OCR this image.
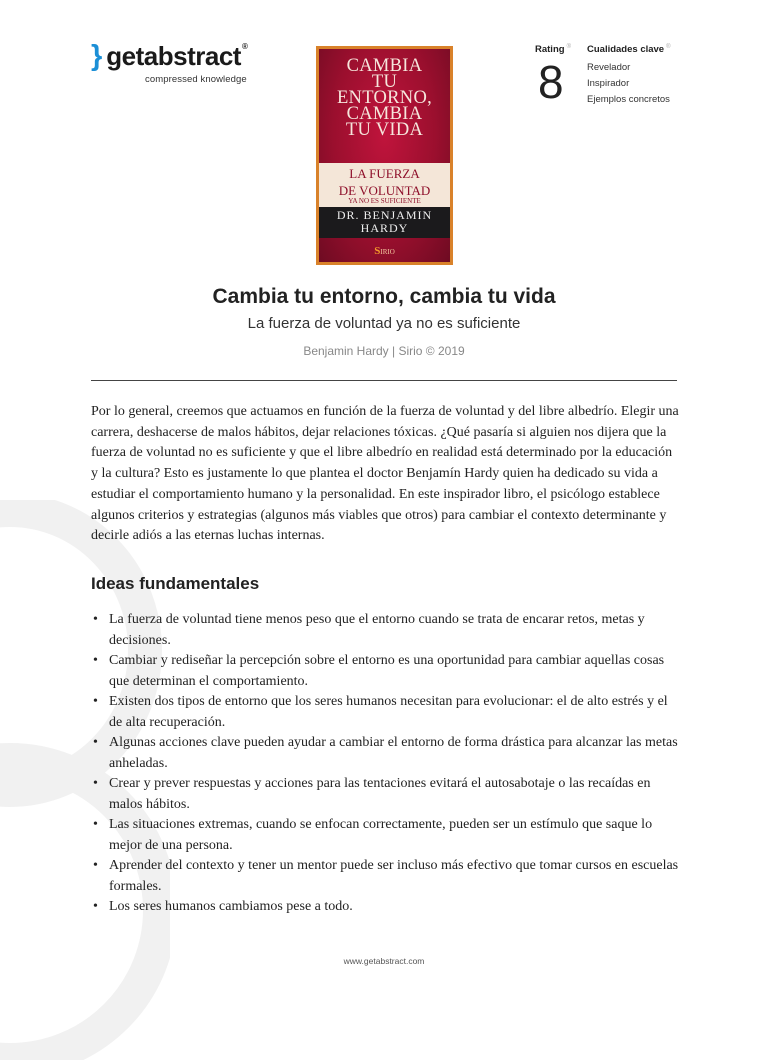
} getabstract®
compressed knowledge
CAMBIA
TU
ENTORNO,
CAMBIA
TU VIDA
LA FUERZA
DE VOLUNTAD
YA NO ES SUFICIENTE
DR. BENJAMIN
HARDY
SIRIO
Rating ®
8
Cualidades clave ®
Revelador
Inspirador
Ejemplos concretos
Cambia tu entorno, cambia tu vida
La fuerza de voluntad ya no es suficiente
Benjamin Hardy | Sirio © 2019
Por lo general, creemos que actuamos en función de la fuerza de voluntad y del libre albedrío. Elegir una carrera, deshacerse de malos hábitos, dejar relaciones tóxicas. ¿Qué pasaría si alguien nos dijera que la fuerza de voluntad no es suficiente y que el libre albedrío en realidad está determinado por la educación y la cultura? Esto es justamente lo que plantea el doctor Benjamín Hardy quien ha dedicado su vida a estudiar el comportamiento humano y la personalidad. En este inspirador libro, el psicólogo establece algunos criterios y estrategias (algunos más viables que otros) para cambiar el contexto determinante y decirle adiós a las eternas luchas internas.
Ideas fundamentales
• La fuerza de voluntad tiene menos peso que el entorno cuando se trata de encarar retos, metas y decisiones.
• Cambiar y rediseñar la percepción sobre el entorno es una oportunidad para cambiar aquellas cosas que determinan el comportamiento.
• Existen dos tipos de entorno que los seres humanos necesitan para evolucionar: el de alto estrés y el de alta recuperación.
• Algunas acciones clave pueden ayudar a cambiar el entorno de forma drástica para alcanzar las metas anheladas.
• Crear y prever respuestas y acciones para las tentaciones evitará el autosabotaje o las recaídas en malos hábitos.
• Las situaciones extremas, cuando se enfocan correctamente, pueden ser un estímulo que saque lo mejor de una persona.
• Aprender del contexto y tener un mentor puede ser incluso más efectivo que tomar cursos en escuelas formales.
• Los seres humanos cambiamos pese a todo.
www.getabstract.com
